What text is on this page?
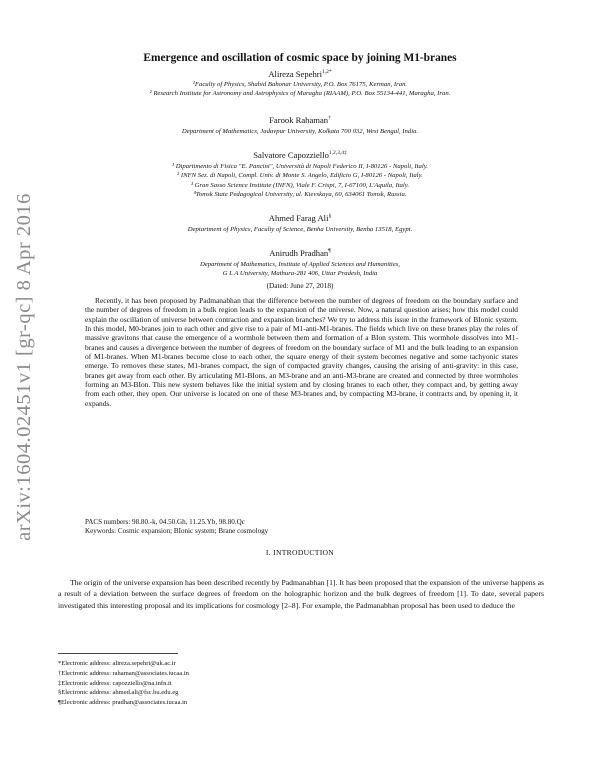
arXiv:1604.02451v1 [gr-qc] 8 Apr 2016
Emergence and oscillation of cosmic space by joining M1-branes
Alireza Sepehri$^{1,2*}$
¹Faculty of Physics, Shahid Bahonar University, P.O. Box 76175, Kerman, Iran.
² Research Institute for Astronomy and Astrophysics of Maragha (RIAAM), P.O. Box 55134-441, Maragha, Iran.
Farook Rahaman†
Department of Mathematics, Jadavpur University, Kolkata 700 032, West Bengal, India.
Salvatore Capozziello$^{1,2,3,4\ddagger}$
¹ Dipartimento di Fisica "E. Pancini", Università di Napoli Federico II, I-80126 - Napoli, Italy.
² INFN Sez. di Napoli, Compl. Univ. di Monte S. Angelo, Edificio G, I-80126 - Napoli, Italy.
³ Gran Sasso Science Institute (INFN), Viale F. Crispi, 7, I-67100, L'Aquila, Italy.
⁴Tomsk State Pedagogical University, ul. Kievskaya, 60, 634061 Tomsk, Russia.
Ahmed Farag Ali§
Deptartment of Physics, Faculty of Science, Benha University, Benha 13518, Egypt.
Anirudh Pradhan¶
Department of Mathematics, Institute of Applied Sciences and Humanities,
G L A University, Mathura-281 406, Uttar Pradesh, India
(Dated: June 27, 2018)

Recently, it has been proposed by Padmanabhan that the difference between the number of degrees of freedom on the boundary surface and the number of degrees of freedom in a bulk region leads to the expansion of the universe. Now, a natural question arises; how this model could explain the oscillation of universe between contraction and expansion branches? We try to address this issue in the framework of BIonic system. In this model, M0-branes join to each other and give rise to a pair of M1-anti-M1-branes. The fields which live on these branes play the roles of massive gravitons that cause the emergence of a wormhole between them and formation of a BIon system. This wormhole dissolves into M1-branes and causes a divergence between the number of degrees of freedom on the boundary surface of M1 and the bulk leading to an expansion of M1-branes. When M1-branes become close to each other, the square energy of their system becomes negative and some tachyonic states emerge. To removes these states, M1-branes compact, the sign of compacted gravity changes, causing the arising of anti-gravity: in this case, branes get away from each other. By articulating M1-BIons, an M3-brane and an anti-M3-brane are created and connected by three wormholes forming an M3-BIon. This new system behaves like the initial system and by closing branes to each other, they compact and, by getting away from each other, they open. Our universe is located on one of these M3-branes and, by compacting M3-brane, it contracts and, by opening it, it expands.

PACS numbers: 98.80.-k, 04.50.Gh, 11.25.Yb, 98.80.Qc
Keywords: Cosmic expansion; BIonic system; Brane cosmology
I. INTRODUCTION

The origin of the universe expansion has been described recently by Padmanabhan [1]. It has been proposed that the expansion of the universe happens as a result of a deviation between the surface degrees of freedom on the holographic horizon and the bulk degrees of freedom [1]. To date, several papers investigated this interesting proposal and its implications for cosmology [2–8]. For example, the Padmanabhan proposal has been used to deduce the

*Electronic address: alireza.sepehri@uk.ac.ir
†Electronic address: rahaman@associates.iucaa.in
‡Electronic address: capozziello@na.infn.it
§Electronic address: ahmed.ali@fsc.bu.edu.eg
¶Electronic address: pradhan@associates.iucaa.in
